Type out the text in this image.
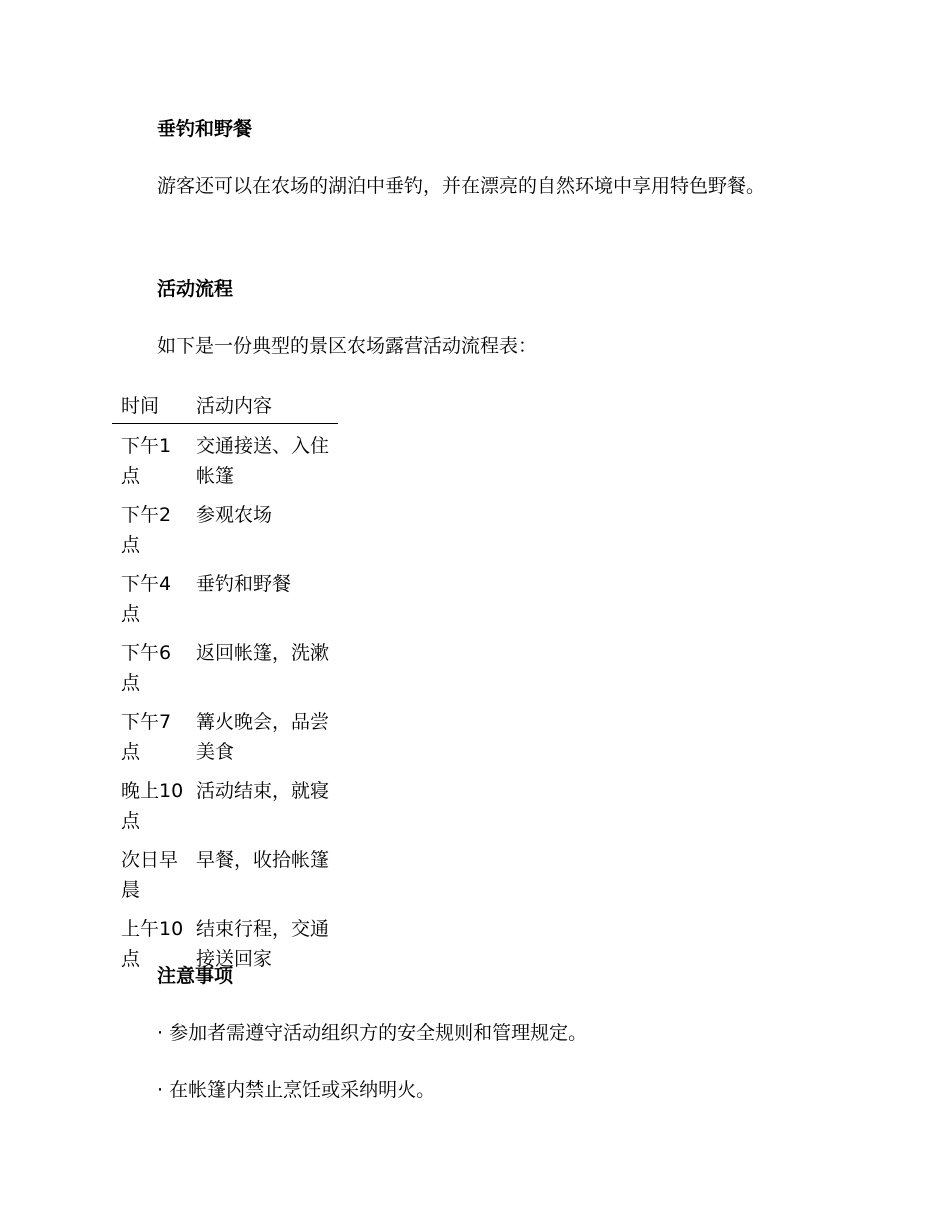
垂钓和野餐
游客还可以在农场的湖泊中垂钓，并在漂亮的自然环境中享用特色野餐。
活动流程
如下是一份典型的景区农场露营活动流程表：
时间	活动内容
下午1点	交通接送、入住帐篷
下午2点	参观农场
下午4点	垂钓和野餐
下午6点	返回帐篷，洗漱
下午7点	篝火晚会，品尝美食
晚上10点	活动结束，就寝
次日早晨	早餐，收拾帐篷
上午10点	结束行程，交通接送回家
注意事项
· 参加者需遵守活动组织方的安全规则和管理规定。
· 在帐篷内禁止烹饪或采纳明火。
